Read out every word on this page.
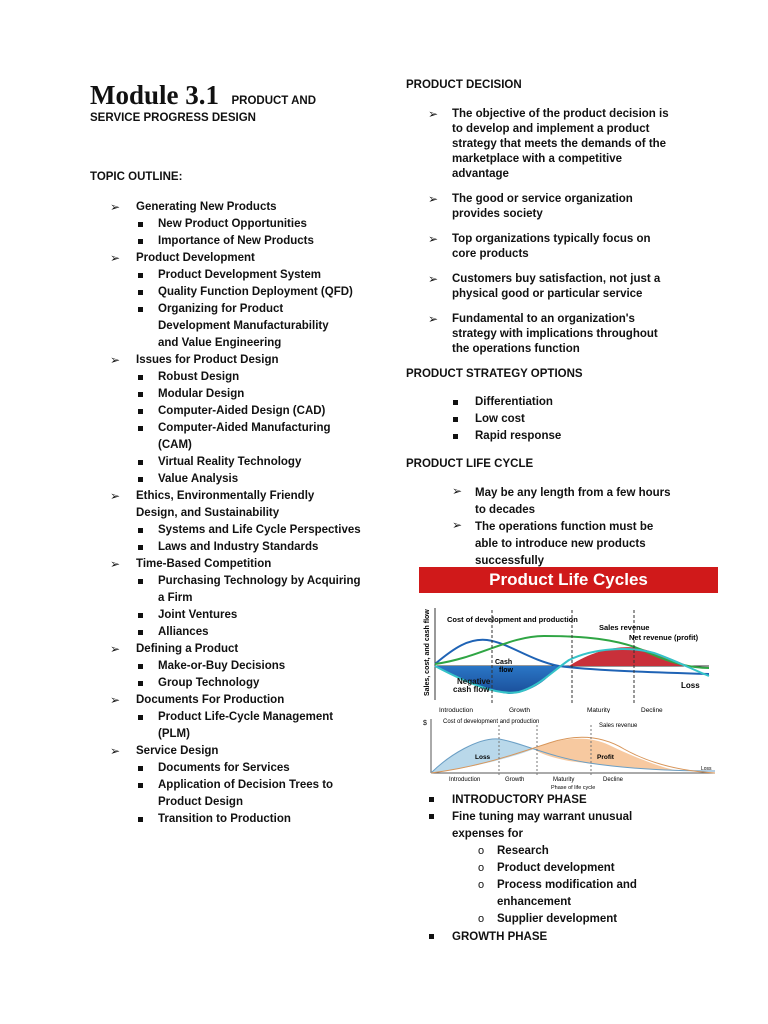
Module 3.1 PRODUCT AND
SERVICE PROGRESS DESIGN
TOPIC OUTLINE:
➢ Generating New Products
New Product Opportunities
Importance of New Products
➢ Product Development
Product Development System
Quality Function Deployment (QFD)
Organizing for Product
Development Manufacturability
and Value Engineering
➢ Issues for Product Design
Robust Design
Modular Design
Computer-Aided Design (CAD)
Computer-Aided Manufacturing
(CAM)
Virtual Reality Technology
Value Analysis
➢ Ethics, Environmentally Friendly
Design, and Sustainability
Systems and Life Cycle Perspectives
Laws and Industry Standards
➢ Time-Based Competition
Purchasing Technology by Acquiring
a Firm
Joint Ventures
Alliances
➢ Defining a Product
Make-or-Buy Decisions
Group Technology
➢ Documents For Production
Product Life-Cycle Management
(PLM)
➢ Service Design
Documents for Services
Application of Decision Trees to
Product Design
Transition to Production
PRODUCT DECISION
➢ The objective of the product decision is
to develop and implement a product
strategy that meets the demands of the
marketplace with a competitive
advantage
➢ The good or service organization
provides society
➢ Top organizations typically focus on
core products
➢ Customers buy satisfaction, not just a
physical good or particular service
➢ Fundamental to an organization's
strategy with implications throughout
the operations function
PRODUCT STRATEGY OPTIONS
Differentiation
Low cost
Rapid response
PRODUCT LIFE CYCLE
➢ May be any length from a few hours
to decades
➢ The operations function must be
able to introduce new products
successfully
Product Life Cycles
Sales, cost, and cash flow Cost of development and production
Sales revenue
Net revenue (profit)
Cash
flow
Negative
cash flow	Loss
Introduction	Growth	Maturity	Decline
$	Cost of development and production
Sales revenue
Loss	Profit
Loss
Introduction	Growth	Maturity	Decline
Phase of life cycle
INTRODUCTORY PHASE
Fine tuning may warrant unusual
expenses for
o Research
o Product development
o Process modification and
enhancement
o Supplier development
GROWTH PHASE
